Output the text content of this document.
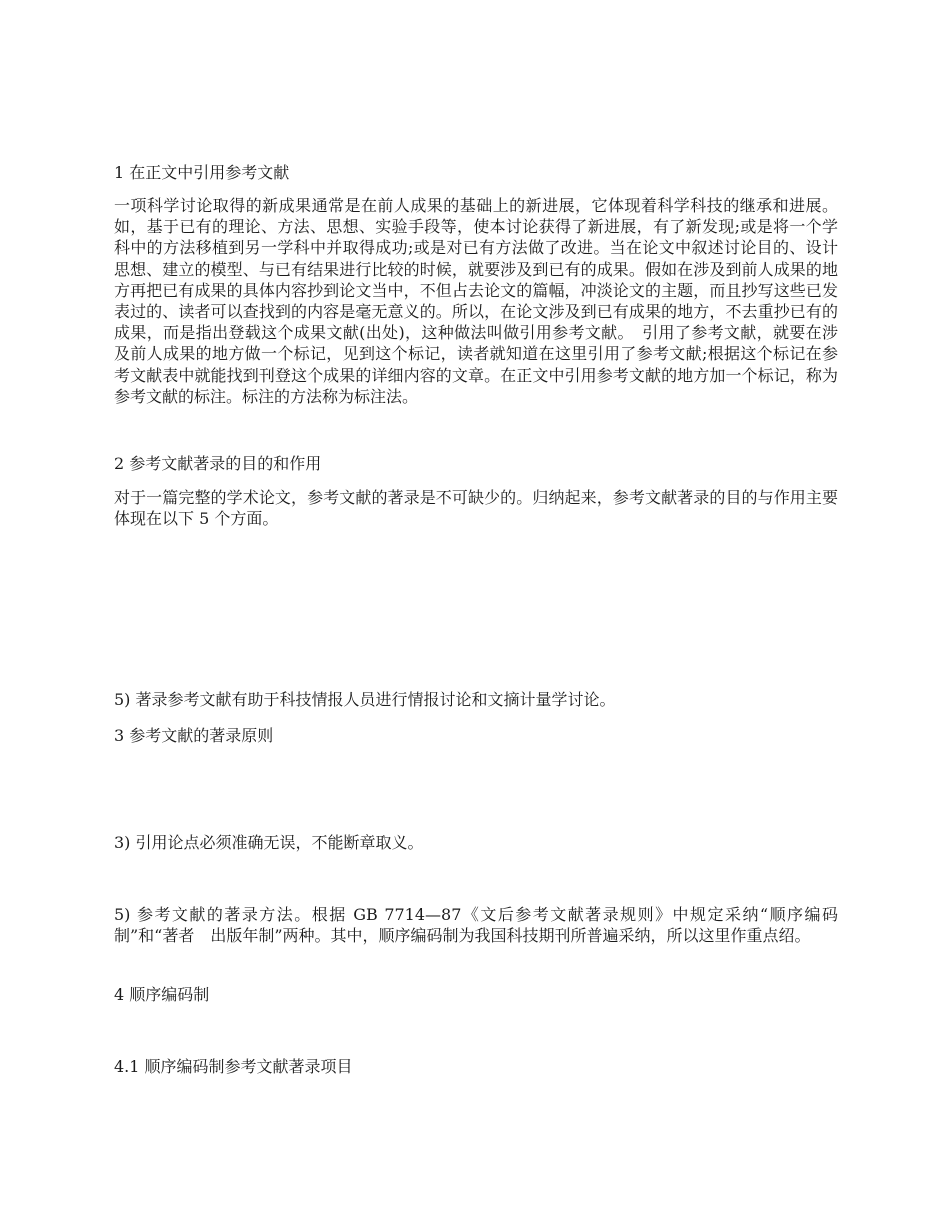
1 在正文中引用参考文献

一项科学讨论取得的新成果通常是在前人成果的基础上的新进展，它体现着科学科技的继承和进展。如，基于已有的理论、方法、思想、实验手段等，使本讨论获得了新进展，有了新发现;或是将一个学科中的方法移植到另一学科中并取得成功;或是对已有方法做了改进。当在论文中叙述讨论目的、设计思想、建立的模型、与已有结果进行比较的时候，就要涉及到已有的成果。假如在涉及到前人成果的地方再把已有成果的具体内容抄到论文当中，不但占去论文的篇幅，冲淡论文的主题，而且抄写这些已发表过的、读者可以查找到的内容是毫无意义的。所以，在论文涉及到已有成果的地方，不去重抄已有的成果，而是指出登载这个成果文献(出处)，这种做法叫做引用参考文献。　引用了参考文献，就要在涉及前人成果的地方做一个标记，见到这个标记，读者就知道在这里引用了参考文献;根据这个标记在参考文献表中就能找到刊登这个成果的详细内容的文章。在正文中引用参考文献的地方加一个标记，称为参考文献的标注。标注的方法称为标注法。

2 参考文献著录的目的和作用

对于一篇完整的学术论文，参考文献的著录是不可缺少的。归纳起来，参考文献著录的目的与作用主要体现在以下 5 个方面。

5) 著录参考文献有助于科技情报人员进行情报讨论和文摘计量学讨论。

3 参考文献的著录原则

3) 引用论点必须准确无误，不能断章取义。

5) 参考文献的著录方法。根据 GB 7714—87《文后参考文献著录规则》中规定采纳“顺序编码制”和“著者　出版年制”两种。其中，顺序编码制为我国科技期刊所普遍采纳，所以这里作重点绍。

4 顺序编码制

4.1 顺序编码制参考文献著录项目
